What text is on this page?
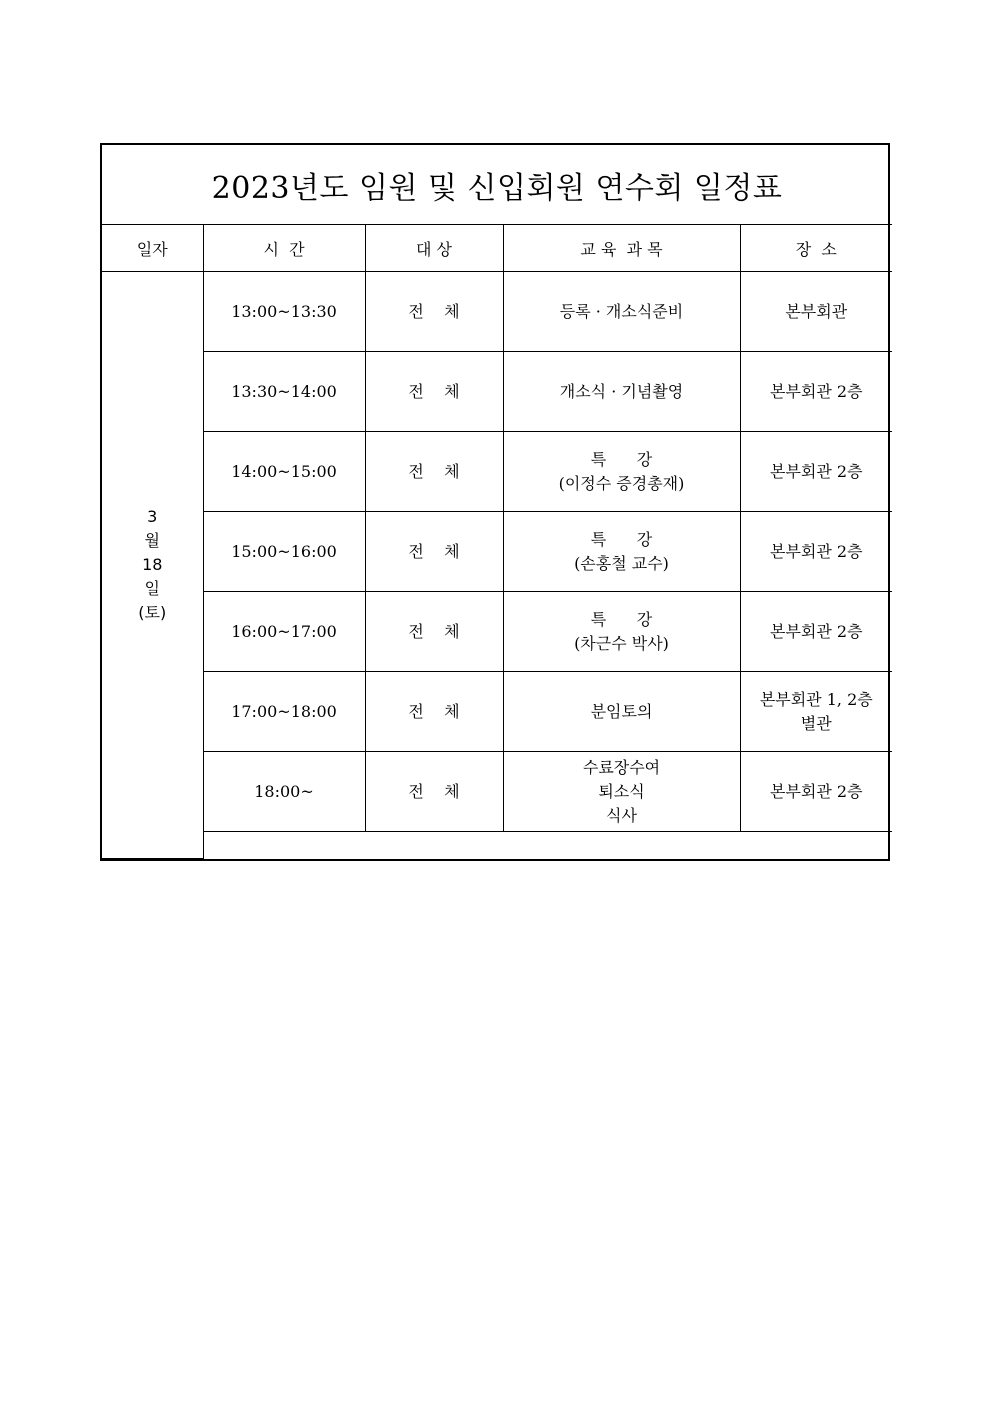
2023년도 임원 및 신입회원 연수회 일정표				
일자	시  간	대 상	교 육  과 목	장  소

3
월
18
일
(토)	13:00~13:30	전    체	등록 · 개소식준비	본부회관

	13:30~14:00	전    체	개소식 · 기념촬영	본부회관 2층

	14:00~15:00	전    체	특      강
(이정수 증경총재)	본부회관 2층

	15:00~16:00	전    체	특      강
(손홍철 교수)	본부회관 2층

	16:00~17:00	전    체	특      강
(차근수 박사)	본부회관 2층

	17:00~18:00	전    체	분임토의	본부회관 1, 2층
별관

	18:00~	전    체	수료장수여
퇴소식
식사	본부회관 2층
